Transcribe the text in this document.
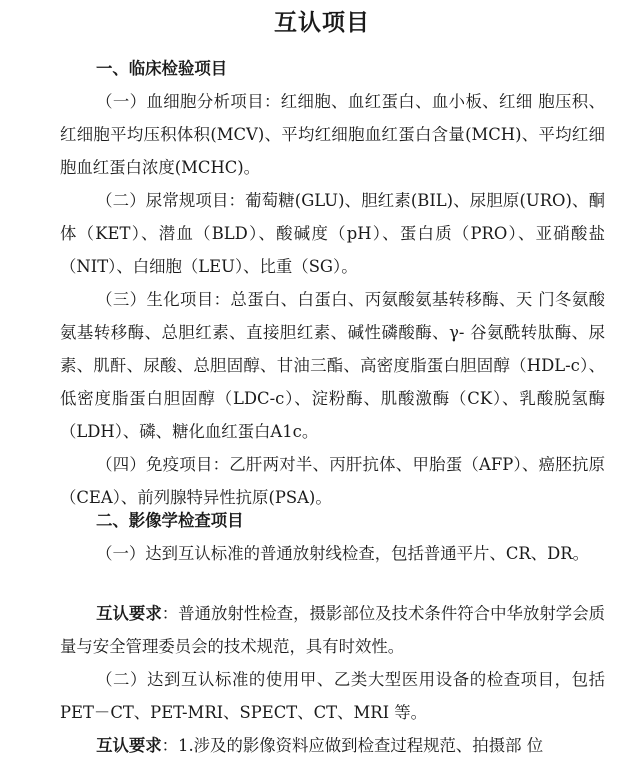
互认项目
一、临床检验项目

（一）血细胞分析项目：红细胞、血红蛋白、血小板、红细 胞压积、红细胞平均压积体积(MCV)、平均红细胞血红蛋白含量(MCH)、平均红细胞血红蛋白浓度(MCHC)。

（二）尿常规项目：葡萄糖(GLU)、胆红素(BIL)、尿胆原(URO)、酮体（KET）、潜血（BLD）、酸碱度（pH）、蛋白质（PRO）、亚硝酸盐（NIT）、白细胞（LEU）、比重（SG）。

（三）生化项目：总蛋白、白蛋白、丙氨酸氨基转移酶、天 门冬氨酸氨基转移酶、总胆红素、直接胆红素、碱性磷酸酶、γ- 谷氨酰转肽酶、尿素、肌酐、尿酸、总胆固醇、甘油三酯、高密度脂蛋白胆固醇（HDL-c）、低密度脂蛋白胆固醇（LDC-c）、淀粉酶、肌酸激酶（CK）、乳酸脱氢酶（LDH）、磷、糖化血红蛋白A1c。

（四）免疫项目：乙肝两对半、丙肝抗体、甲胎蛋（AFP）、癌胚抗原（CEA）、前列腺特异性抗原(PSA)。

二、影像学检查项目

（一）达到互认标准的普通放射线检查，包括普通平片、CR、DR。

互认要求：普通放射性检查，摄影部位及技术条件符合中华放射学会质量与安全管理委员会的技术规范，具有时效性。

（二）达到互认标准的使用甲、乙类大型医用设备的检查项目，包括 PET－CT、PET-MRI、SPECT、CT、MRI 等。

互认要求：1.涉及的影像资料应做到检查过程规范、拍摄部 位
